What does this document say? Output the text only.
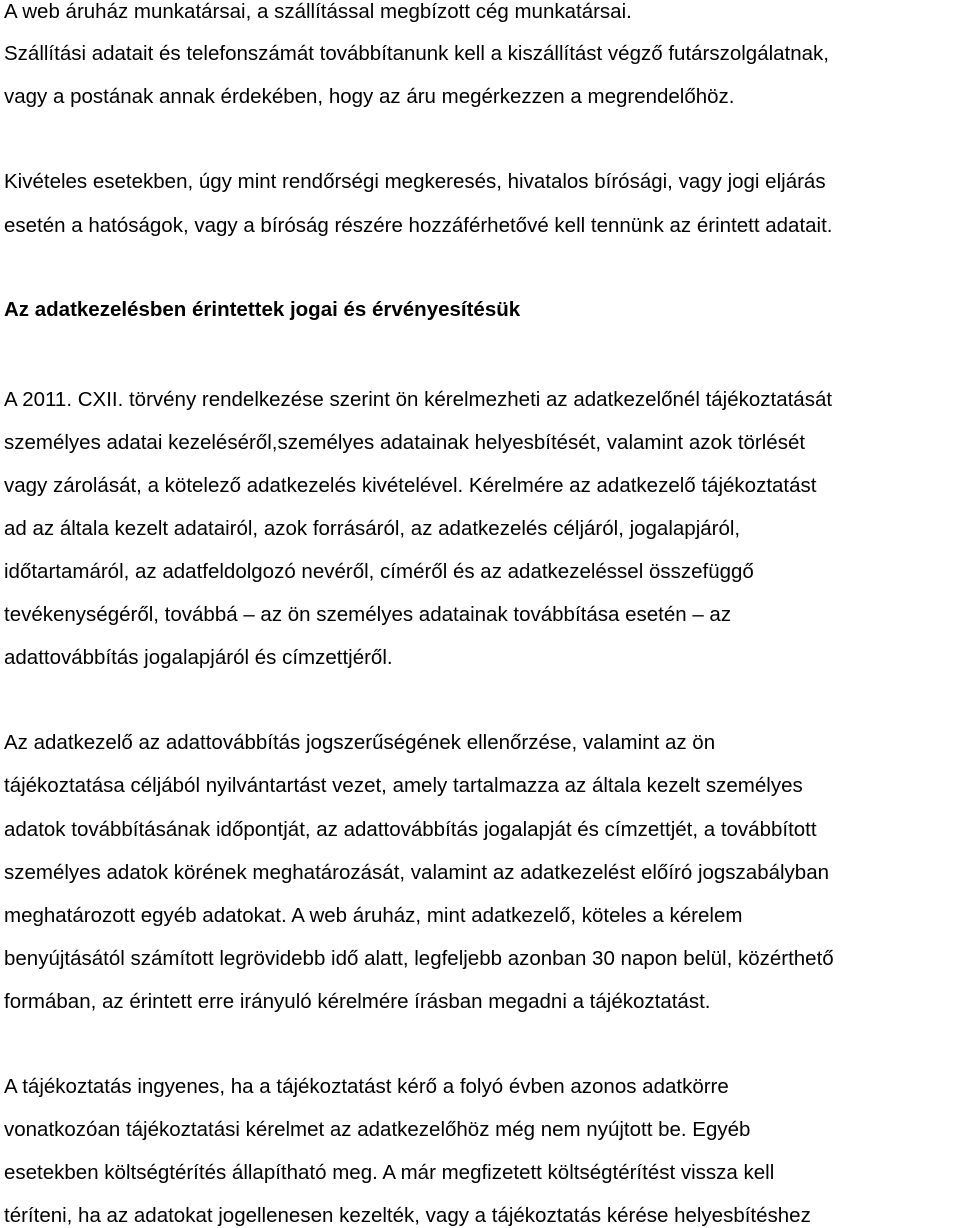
A web áruház munkatársai, a szállítással megbízott cég munkatársai.
Szállítási adatait és telefonszámát továbbítanunk kell a kiszállítást végző futárszolgálatnak,
vagy a postának annak érdekében, hogy az áru megérkezzen a megrendelőhöz.
Kivételes esetekben, úgy mint rendőrségi megkeresés, hivatalos bírósági, vagy jogi eljárás
esetén a hatóságok, vagy a bíróság részére hozzáférhetővé kell tennünk az érintett adatait.
Az adatkezelésben érintettek jogai és érvényesítésük
A 2011. CXII. törvény rendelkezése szerint ön kérelmezheti az adatkezelőnél tájékoztatását
személyes adatai kezeléséről,személyes adatainak helyesbítését, valamint azok törlését
vagy zárolását, a kötelező adatkezelés kivételével. Kérelmére az adatkezelő tájékoztatást
ad az általa kezelt adatairól, azok forrásáról, az adatkezelés céljáról, jogalapjáról,
időtartamáról, az adatfeldolgozó nevéről, címéről és az adatkezeléssel összefüggő
tevékenységéről, továbbá – az ön személyes adatainak továbbítása esetén – az
adattovábbítás jogalapjáról és címzettjéről.
Az adatkezelő az adattovábbítás jogszerűségének ellenőrzése, valamint az ön
tájékoztatása céljából nyilvántartást vezet, amely tartalmazza az általa kezelt személyes
adatok továbbításának időpontját, az adattovábbítás jogalapját és címzettjét, a továbbított
személyes adatok körének meghatározását, valamint az adatkezelést előíró jogszabályban
meghatározott egyéb adatokat. A web áruház, mint adatkezelő, köteles a kérelem
benyújtásától számított legrövidebb idő alatt, legfeljebb azonban 30 napon belül, közérthető
formában, az érintett erre irányuló kérelmére írásban megadni a tájékoztatást.
A tájékoztatás ingyenes, ha a tájékoztatást kérő a folyó évben azonos adatkörre
vonatkozóan tájékoztatási kérelmet az adatkezelőhöz még nem nyújtott be. Egyéb
esetekben költségtérítés állapítható meg. A már megfizetett költségtérítést vissza kell
téríteni, ha az adatokat jogellenesen kezelték, vagy a tájékoztatás kérése helyesbítéshez
